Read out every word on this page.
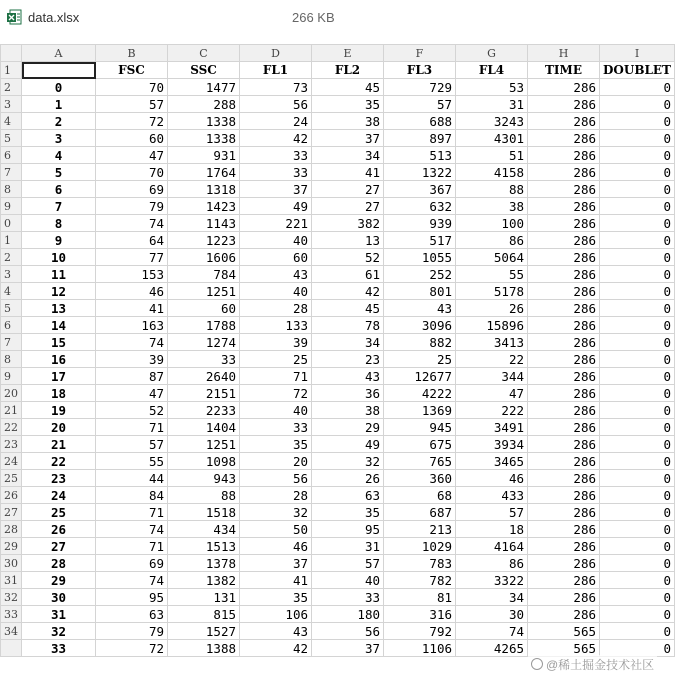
data.xlsx	266 KB
	A	B	C	D	E	F	G	H	I
1		FSC	SSC	FL1	FL2	FL3	FL4	TIME	DOUBLET
2	0	70	1477	73	45	729	53	286	0
3	1	57	288	56	35	57	31	286	0
4	2	72	1338	24	38	688	3243	286	0
5	3	60	1338	42	37	897	4301	286	0
6	4	47	931	33	34	513	51	286	0
7	5	70	1764	33	41	1322	4158	286	0
8	6	69	1318	37	27	367	88	286	0
9	7	79	1423	49	27	632	38	286	0
0	8	74	1143	221	382	939	100	286	0
1	9	64	1223	40	13	517	86	286	0
2	10	77	1606	60	52	1055	5064	286	0
3	11	153	784	43	61	252	55	286	0
4	12	46	1251	40	42	801	5178	286	0
5	13	41	60	28	45	43	26	286	0
6	14	163	1788	133	78	3096	15896	286	0
7	15	74	1274	39	34	882	3413	286	0
8	16	39	33	25	23	25	22	286	0
9	17	87	2640	71	43	12677	344	286	0
20	18	47	2151	72	36	4222	47	286	0
21	19	52	2233	40	38	1369	222	286	0
22	20	71	1404	33	29	945	3491	286	0
23	21	57	1251	35	49	675	3934	286	0
24	22	55	1098	20	32	765	3465	286	0
25	23	44	943	56	26	360	46	286	0
26	24	84	88	28	63	68	433	286	0
27	25	71	1518	32	35	687	57	286	0
28	26	74	434	50	95	213	18	286	0
29	27	71	1513	46	31	1029	4164	286	0
30	28	69	1378	37	57	783	86	286	0
31	29	74	1382	41	40	782	3322	286	0
32	30	95	131	35	33	81	34	286	0
33	31	63	815	106	180	316	30	286	0
34	32	79	1527	43	56	792	74	565	0
	33	72	1388	42	37	1106	4265	565	0
@稀土掘金技术社区
